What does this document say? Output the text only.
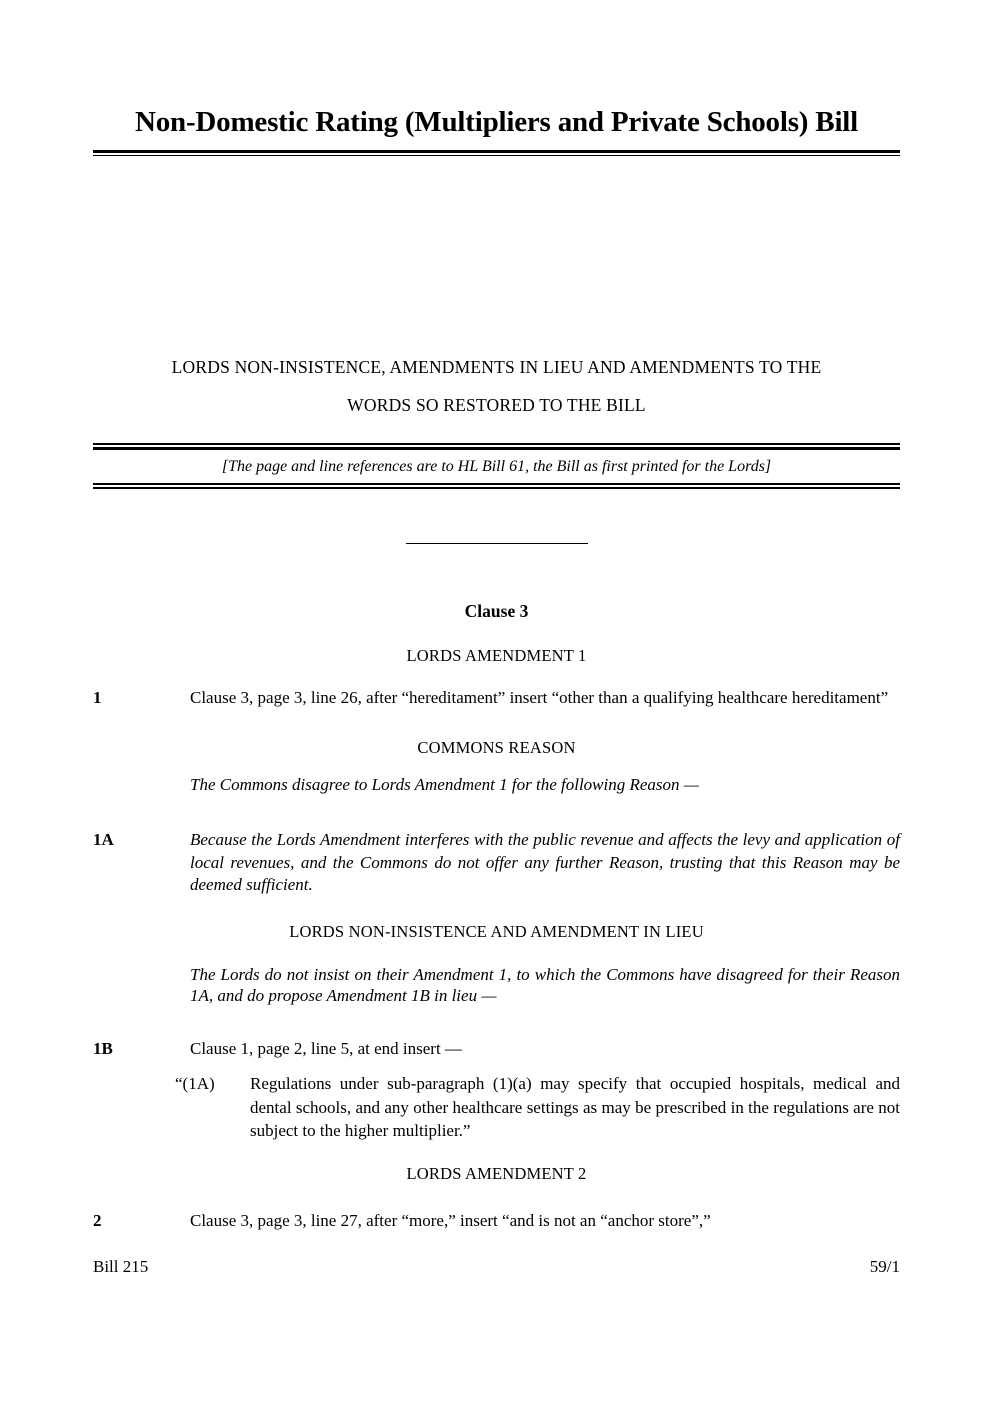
Non-Domestic Rating (Multipliers and Private Schools) Bill
LORDS NON-INSISTENCE, AMENDMENTS IN LIEU AND AMENDMENTS TO THE
WORDS SO RESTORED TO THE BILL

[The page and line references are to HL Bill 61, the Bill as first printed for the Lords]

Clause 3
LORDS AMENDMENT 1
1	Clause 3, page 3, line 26, after “hereditament” insert “other than a qualifying healthcare hereditament”
COMMONS REASON

The Commons disagree to Lords Amendment 1 for the following Reason —

1A	Because the Lords Amendment interferes with the public revenue and affects the levy and application of local revenues, and the Commons do not offer any further Reason, trusting that this Reason may be deemed sufficient.
LORDS NON-INSISTENCE AND AMENDMENT IN LIEU

The Lords do not insist on their Amendment 1, to which the Commons have disagreed for their Reason 1A, and do propose Amendment 1B in lieu —

1B	Clause 1, page 2, line 5, at end insert —
“(1A) Regulations under sub-paragraph (1)(a) may specify that occupied hospitals, medical and dental schools, and any other healthcare settings as may be prescribed in the regulations are not subject to the higher multiplier.”
LORDS AMENDMENT 2
2	Clause 3, page 3, line 27, after “more,” insert “and is not an “anchor store”,”
Bill 215	59/1
